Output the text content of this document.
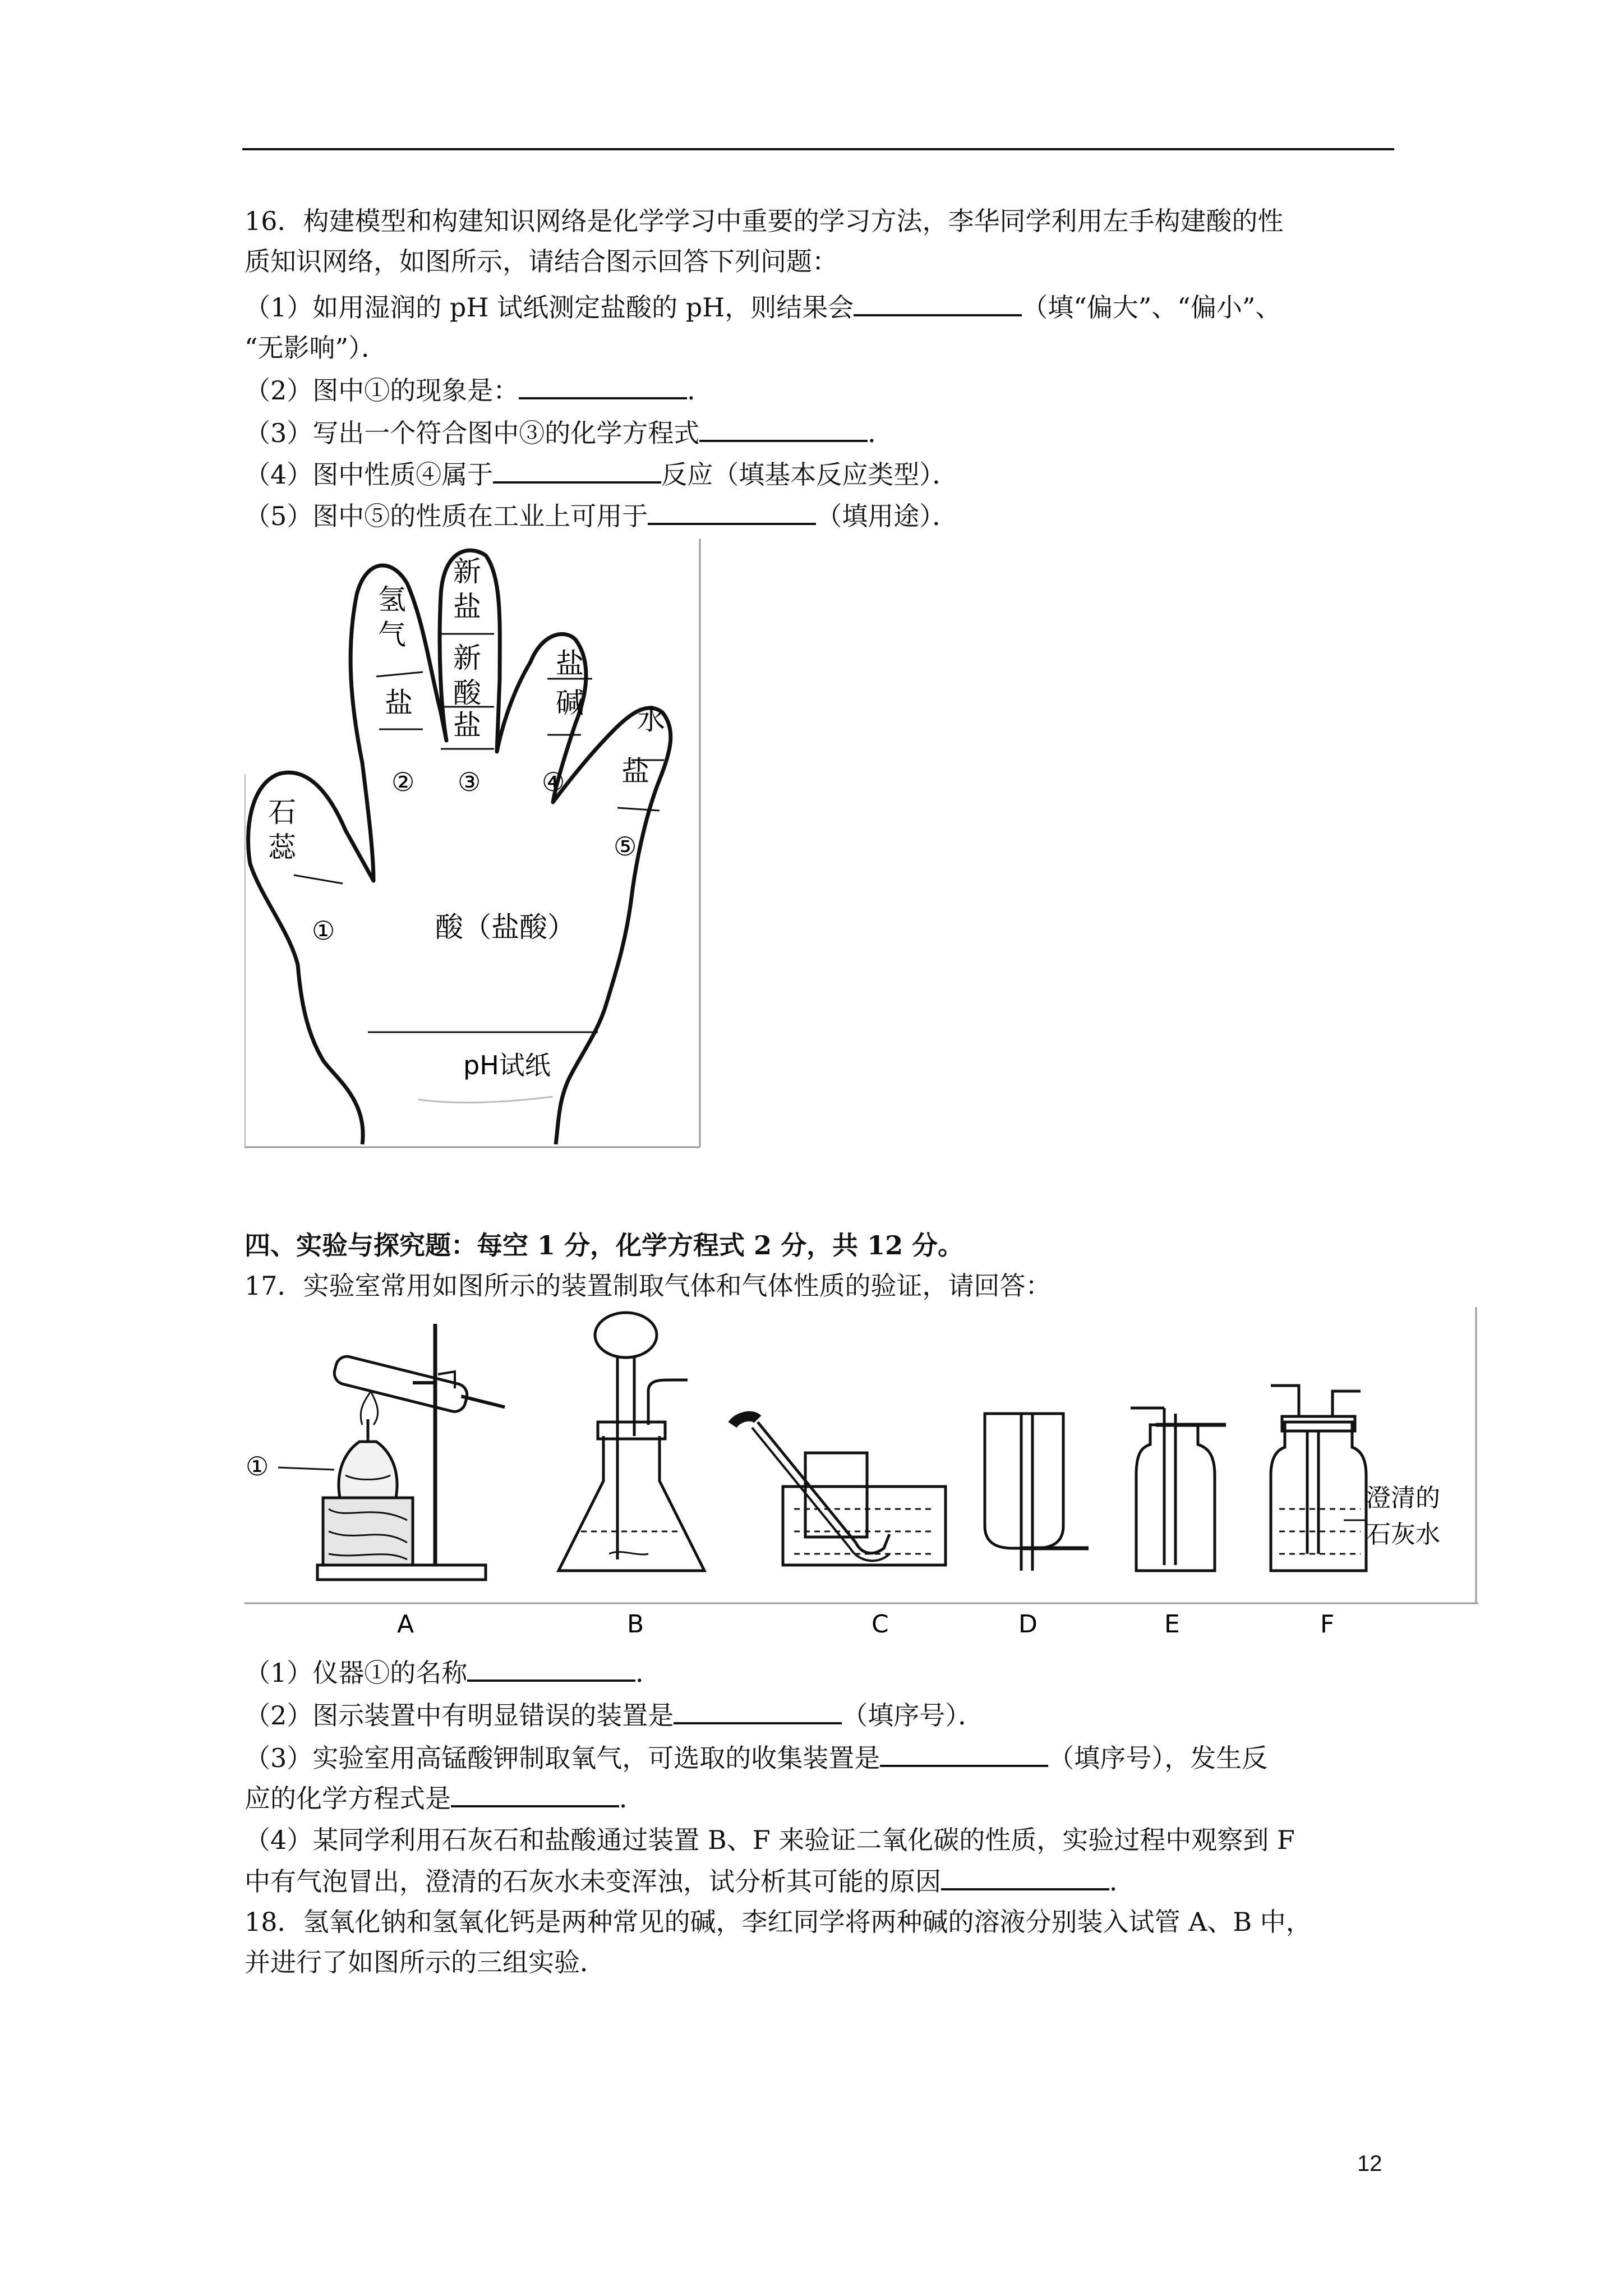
16．构建模型和构建知识网络是化学学习中重要的学习方法，李华同学利用左手构建酸的性
质知识网络，如图所示，请结合图示回答下列问题：
（1）如用湿润的 pH 试纸测定盐酸的 pH，则结果会	（填“偏大”、“偏小”、
“无影响”）．
（2）图中①的现象是：	．
（3）写出一个符合图中③的化学方程式	．
（4）图中性质④属于	反应（填基本反应类型）．
（5）图中⑤的性质在工业上可用于	（填用途）．
石蕊
氢气
盐
新盐
新酸
盐
盐
碱
水
盐
①
② ③ ④
⑤
酸（盐酸）
pH试纸
四、实验与探究题：每空 1 分，化学方程式 2 分，共 12 分。
17．实验室常用如图所示的装置制取气体和气体性质的验证，请回答：
①
澄清的
石灰水
A	B	C	D	E	F
（1）仪器①的名称	．
（2）图示装置中有明显错误的装置是	（填序号）．
（3）实验室用高锰酸钾制取氧气，可选取的收集装置是	（填序号），发生反
应的化学方程式是	．
（4）某同学利用石灰石和盐酸通过装置 B、F 来验证二氧化碳的性质，实验过程中观察到 F
中有气泡冒出，澄清的石灰水未变浑浊，试分析其可能的原因	．
18．氢氧化钠和氢氧化钙是两种常见的碱，李红同学将两种碱的溶液分别装入试管 A、B 中，
并进行了如图所示的三组实验．
12
